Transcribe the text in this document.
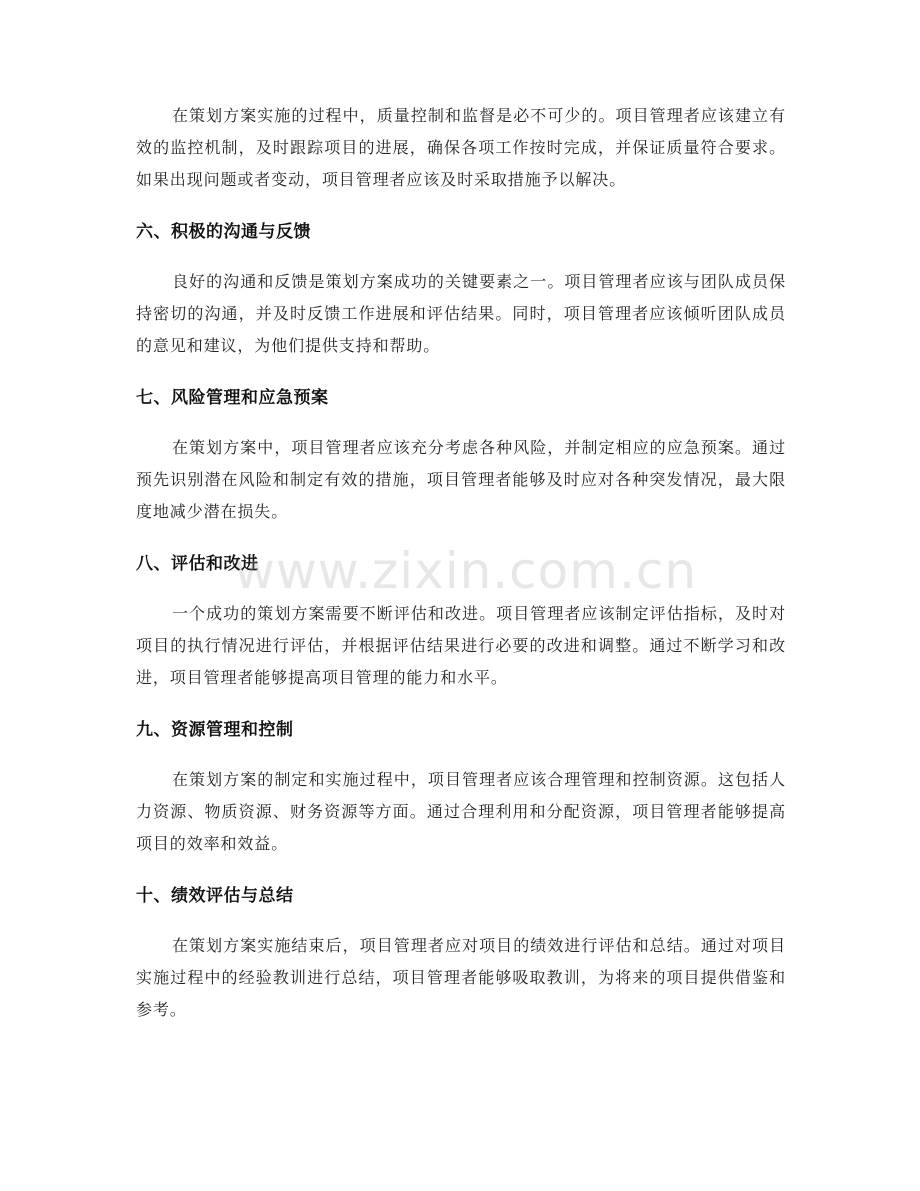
在策划方案实施的过程中，质量控制和监督是必不可少的。项目管理者应该建立有效的监控机制，及时跟踪项目的进展，确保各项工作按时完成，并保证质量符合要求。如果出现问题或者变动，项目管理者应该及时采取措施予以解决。

六、积极的沟通与反馈

良好的沟通和反馈是策划方案成功的关键要素之一。项目管理者应该与团队成员保持密切的沟通，并及时反馈工作进展和评估结果。同时，项目管理者应该倾听团队成员的意见和建议，为他们提供支持和帮助。

七、风险管理和应急预案

在策划方案中，项目管理者应该充分考虑各种风险，并制定相应的应急预案。通过预先识别潜在风险和制定有效的措施，项目管理者能够及时应对各种突发情况，最大限度地减少潜在损失。

八、评估和改进

一个成功的策划方案需要不断评估和改进。项目管理者应该制定评估指标，及时对项目的执行情况进行评估，并根据评估结果进行必要的改进和调整。通过不断学习和改进，项目管理者能够提高项目管理的能力和水平。

九、资源管理和控制

在策划方案的制定和实施过程中，项目管理者应该合理管理和控制资源。这包括人力资源、物质资源、财务资源等方面。通过合理利用和分配资源，项目管理者能够提高项目的效率和效益。

十、绩效评估与总结

在策划方案实施结束后，项目管理者应对项目的绩效进行评估和总结。通过对项目实施过程中的经验教训进行总结，项目管理者能够吸取教训，为将来的项目提供借鉴和参考。

www.zixin.com.cn
